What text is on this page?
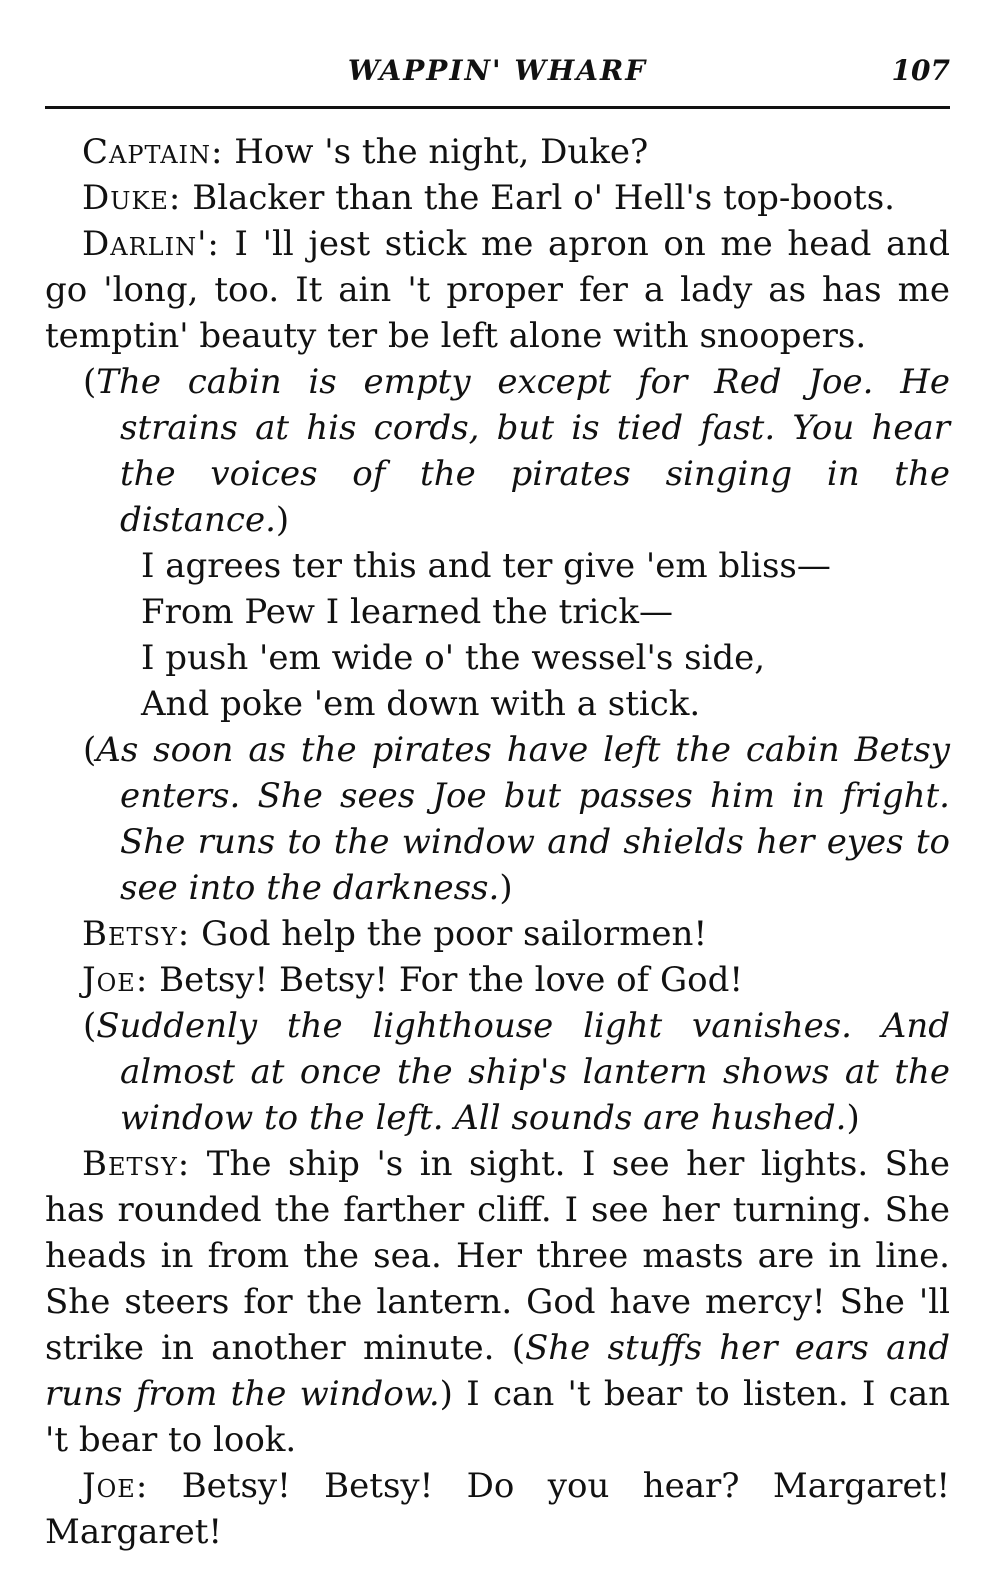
WAPPIN' WHARF	107

Captain: How 's the night, Duke?

Duke: Blacker than the Earl o' Hell's top-boots.

Darlin': I 'll jest stick me apron on me head and go 'long, too. It ain 't proper fer a lady as has me temptin' beauty ter be left alone with snoopers.

(The cabin is empty except for Red Joe. He strains at his cords, but is tied fast. You hear the voices of the pirates singing in the distance.)

I agrees ter this and ter give 'em bliss—

From Pew I learned the trick—

I push 'em wide o' the wessel's side,

And poke 'em down with a stick.

(As soon as the pirates have left the cabin Betsy enters. She sees Joe but passes him in fright. She runs to the window and shields her eyes to see into the darkness.)

Betsy: God help the poor sailormen!

Joe: Betsy! Betsy! For the love of God!

(Suddenly the lighthouse light vanishes. And almost at once the ship's lantern shows at the window to the left. All sounds are hushed.)

Betsy: The ship 's in sight. I see her lights. She has rounded the farther cliff. I see her turning. She heads in from the sea. Her three masts are in line. She steers for the lantern. God have mercy! She 'll strike in another minute. (She stuffs her ears and runs from the window.) I can 't bear to listen. I can 't bear to look.

Joe: Betsy! Betsy! Do you hear? Margaret! Margaret!
